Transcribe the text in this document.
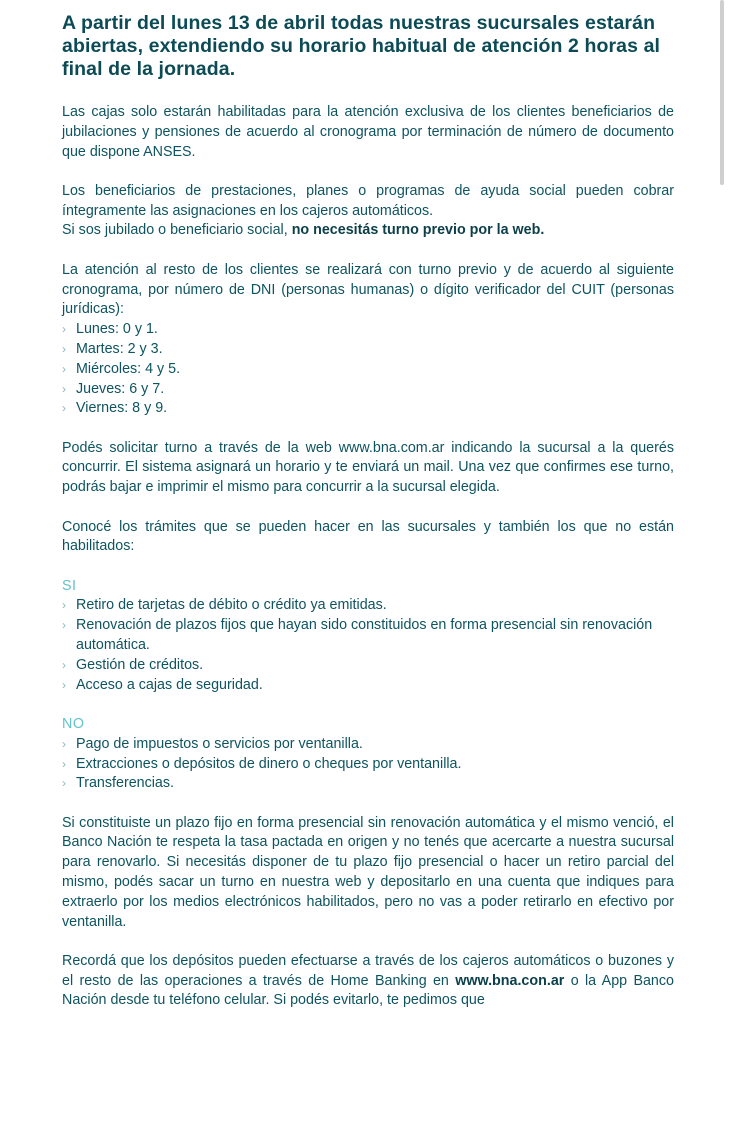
A partir del lunes 13 de abril todas nuestras sucursales estarán abiertas, extendiendo su horario habitual de atención 2 horas al final de la jornada.

Las cajas solo estarán habilitadas para la atención exclusiva de los clientes beneficiarios de jubilaciones y pensiones de acuerdo al cronograma por terminación de número de documento que dispone ANSES.

Los beneficiarios de prestaciones, planes o programas de ayuda social pueden cobrar íntegramente las asignaciones en los cajeros automáticos.

Si sos jubilado o beneficiario social, no necesitás turno previo por la web.

La atención al resto de los clientes se realizará con turno previo y de acuerdo al siguiente cronograma, por número de DNI (personas humanas) o dígito verificador del CUIT (personas jurídicas):

› Lunes: 0 y 1.
› Martes: 2 y 3.
› Miércoles: 4 y 5.
› Jueves: 6 y 7.
› Viernes: 8 y 9.

Podés solicitar turno a través de la web www.bna.com.ar indicando la sucursal a la querés concurrir. El sistema asignará un horario y te enviará un mail. Una vez que confirmes ese turno, podrás bajar e imprimir el mismo para concurrir a la sucursal elegida.

Conocé los trámites que se pueden hacer en las sucursales y también los que no están habilitados:

SI
› Retiro de tarjetas de débito o crédito ya emitidas.
› Renovación de plazos fijos que hayan sido constituidos en forma presencial sin renovación automática.
› Gestión de créditos.
› Acceso a cajas de seguridad.
NO
› Pago de impuestos o servicios por ventanilla.
› Extracciones o depósitos de dinero o cheques por ventanilla.
› Transferencias.

Si constituiste un plazo fijo en forma presencial sin renovación automática y el mismo venció, el Banco Nación te respeta la tasa pactada en origen y no tenés que acercarte a nuestra sucursal para renovarlo. Si necesitás disponer de tu plazo fijo presencial o hacer un retiro parcial del mismo, podés sacar un turno en nuestra web y depositarlo en una cuenta que indiques para extraerlo por los medios electrónicos habilitados, pero no vas a poder retirarlo en efectivo por ventanilla.

Recordá que los depósitos pueden efectuarse a través de los cajeros automáticos o buzones y el resto de las operaciones a través de Home Banking en www.bna.con.ar o la App Banco Nación desde tu teléfono celular. Si podés evitarlo, te pedimos que
